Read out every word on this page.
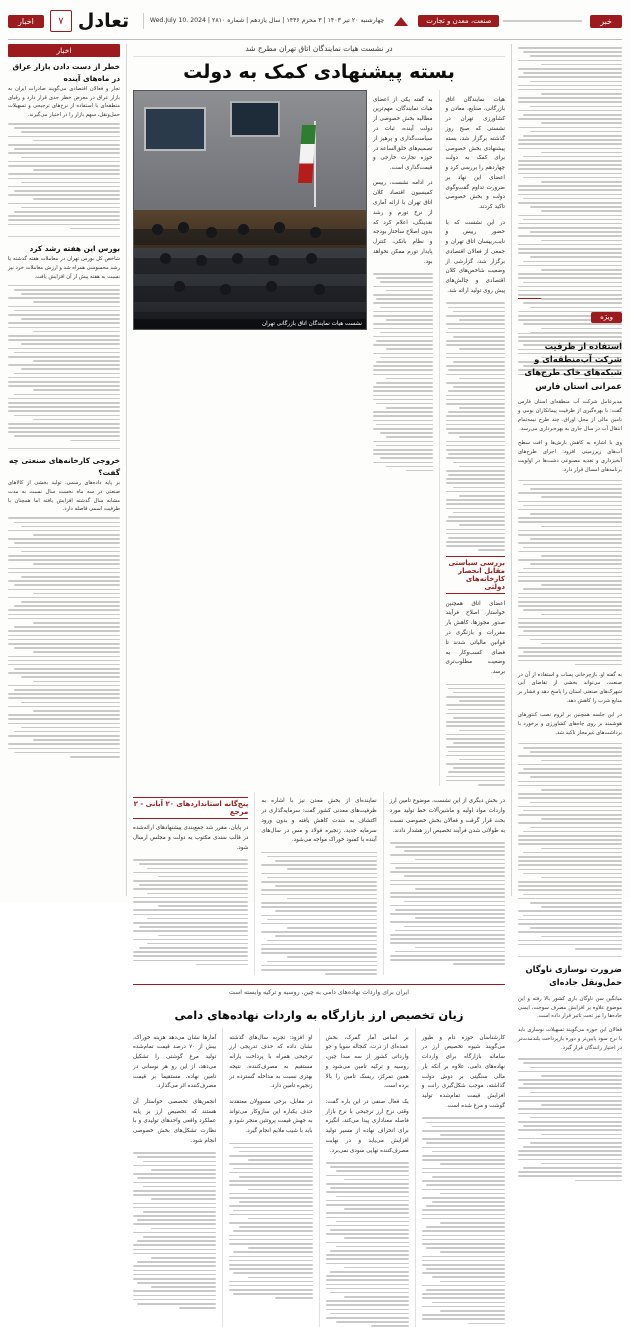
خبر
صنعت، معدن و تجارت
چهارشنبه ۲۰ تیر ۱۴۰۳ | ۳ محرم ۱۴۴۶ | سال یازدهم | شماره ۲۸۱۰ | Wed.July 10. 2024
تعادل
۷
اخبار
اخبار
خطر از دست دادن بازار عراق در ماه‌های آینده
تجار و فعالان اقتصادی می‌گویند صادرات ایران به بازار عراق در معرض خطر جدی قرار دارد و رقبای منطقه‌ای با استفاده از نرخ‌های ترجیحی و تسهیلات حمل‌ونقل، سهم بازار را در اختیار می‌گیرند.
بورس این هفته رشد کرد
شاخص کل بورس تهران در معاملات هفته گذشته با رشد محسوسی همراه شد و ارزش معاملات خرد نیز نسبت به هفته پیش از آن افزایش یافت.
خروجی کارخانه‌های صنعتی چه گفت؟
بر پایه داده‌های رسمی، تولید بخشی از کالاهای صنعتی در سه ماه نخست سال نسبت به مدت مشابه سال گذشته افزایش یافته اما همچنان با ظرفیت اسمی فاصله دارد.
در نشست هیات نمایندگان اتاق تهران مطرح شد
بسته پیشنهادی کمک به دولت
نشست هیات نمایندگان اتاق بازرگانی تهران

هیات نمایندگان اتاق بازرگانی، صنایع، معادن و کشاورزی تهران در نشستی که صبح روز گذشته برگزار شد، بسته پیشنهادی بخش خصوصی برای کمک به دولت چهاردهم را بررسی کرد و اعضای این نهاد بر ضرورت تداوم گفت‌وگوی دولت و بخش خصوصی تاکید کردند.

در این نشست که با حضور رییس و نایب‌رییسان اتاق تهران و جمعی از فعالان اقتصادی برگزار شد، گزارشی از وضعیت شاخص‌های کلان اقتصادی و چالش‌های پیش روی تولید ارائه شد.

بررسی سیاستی مقابل انحصار کارخانه‌های دولتی

اعضای اتاق همچنین خواستار اصلاح فرآیند صدور مجوزها، کاهش بار مقررات و بازنگری در قوانین مالیاتی شدند تا فضای کسب‌وکار به وضعیت مطلوب‌تری برسد.

به گفته یکی از اعضای هیات نمایندگان، مهم‌ترین مطالبه بخش خصوصی از دولت آینده، ثبات در سیاست‌گذاری و پرهیز از تصمیم‌های خلق‌الساعه در حوزه تجارت خارجی و قیمت‌گذاری است.

در ادامه نشست، رییس کمیسیون اقتصاد کلان اتاق تهران با ارائه آماری از نرخ تورم و رشد نقدینگی، اعلام کرد که بدون اصلاح ساختار بودجه و نظام بانکی، کنترل پایدار تورم ممکن نخواهد بود.

در بخش دیگری از این نشست، موضوع تامین ارز واردات مواد اولیه و ماشین‌آلات خط تولید مورد بحث قرار گرفت و فعالان بخش خصوصی نسبت به طولانی شدن فرآیند تخصیص ارز هشدار دادند.

نماینده‌ای از بخش معدن نیز با اشاره به ظرفیت‌های معدنی کشور گفت: سرمایه‌گذاری در اکتشاف به شدت کاهش یافته و بدون ورود سرمایه جدید، زنجیره فولاد و مس در سال‌های آینده با کمبود خوراک مواجه می‌شود.

پنج‌گانه استانداردهای ۲۰ آبانی - ۲ مرجع

در پایان، مقرر شد جمع‌بندی پیشنهادهای ارائه‌شده در قالب سندی مکتوب به دولت و مجلس ارسال شود.

ایران برای واردات نهاده‌های دامی به چین، روسیه و ترکیه وابسته است
زیان تخصیص ارز بازارگاه به واردات نهاده‌های دامی

کارشناسان حوزه دام و طیور می‌گویند شیوه تخصیص ارز در سامانه بازارگاه برای واردات نهاده‌های دامی، علاوه بر آنکه بار مالی سنگینی بر دوش دولت گذاشته، موجب شکل‌گیری رانت و افزایش قیمت تمام‌شده تولید گوشت و مرغ شده است.

بر اساس آمار گمرک، بخش عمده‌ای از ذرت، کنجاله سویا و جو وارداتی کشور از سه مبدا چین، روسیه و ترکیه تامین می‌شود و همین تمرکز، ریسک تامین را بالا برده است.

یک فعال صنفی در این باره گفت: وقتی نرخ ارز ترجیحی با نرخ بازار فاصله معناداری پیدا می‌کند، انگیزه برای انحراف نهاده از مسیر تولید افزایش می‌یابد و در نهایت مصرف‌کننده نهایی سودی نمی‌برد.

او افزود: تجربه سال‌های گذشته نشان داده که حذف تدریجی ارز ترجیحی همراه با پرداخت یارانه مستقیم به مصرف‌کننده، نتیجه بهتری نسبت به مداخله گسترده در زنجیره تامین دارد.

در مقابل، برخی مسوولان معتقدند حذف یکباره این سازوکار می‌تواند به جهش قیمت پروتئین منجر شود و باید با شیب ملایم انجام گیرد.

آمارها نشان می‌دهد هزینه خوراک، بیش از ۷۰ درصد قیمت تمام‌شده تولید مرغ گوشتی را تشکیل می‌دهد، از این رو هر نوسانی در تامین نهاده، مستقیما بر قیمت مصرف‌کننده اثر می‌گذارد.

انجمن‌های تخصصی خواستار آن هستند که تخصیص ارز بر پایه عملکرد واقعی واحدهای تولیدی و با نظارت تشکل‌های بخش خصوصی انجام شود.

ویژه
استفاده از ظرفیت شرکت آب‌منطقه‌ای و شبکه‌های خاک طرح‌های عمرانی استان فارس

مدیرعامل شرکت آب منطقه‌ای استان فارس گفت: با بهره‌گیری از ظرفیت پیمانکاران بومی و تامین مالی از محل اوراق، چند طرح نیمه‌تمام انتقال آب در سال جاری به بهره‌برداری می‌رسد.

وی با اشاره به کاهش بارش‌ها و افت سطح آب‌های زیرزمینی افزود: اجرای طرح‌های آبخیزداری و تغذیه مصنوعی دشت‌ها در اولویت برنامه‌های امسال قرار دارد.

به گفته او، بازچرخانی پساب و استفاده از آن در صنعت، می‌تواند بخشی از تقاضای آبی شهرک‌های صنعتی استان را پاسخ دهد و فشار بر منابع شرب را کاهش دهد.

در این جلسه همچنین بر لزوم نصب کنتورهای هوشمند بر روی چاه‌های کشاورزی و برخورد با برداشت‌های غیرمجاز تاکید شد.

ضرورت نوسازی ناوگان حمل‌ونقل جاده‌ای

میانگین سن ناوگان باری کشور بالا رفته و این موضوع علاوه بر افزایش مصرف سوخت، ایمنی جاده‌ها را نیز تحت تاثیر قرار داده است.

فعالان این حوزه می‌گویند تسهیلات نوسازی باید با نرخ سود پایین‌تر و دوره بازپرداخت بلندمدت‌تر در اختیار رانندگان قرار گیرد.
